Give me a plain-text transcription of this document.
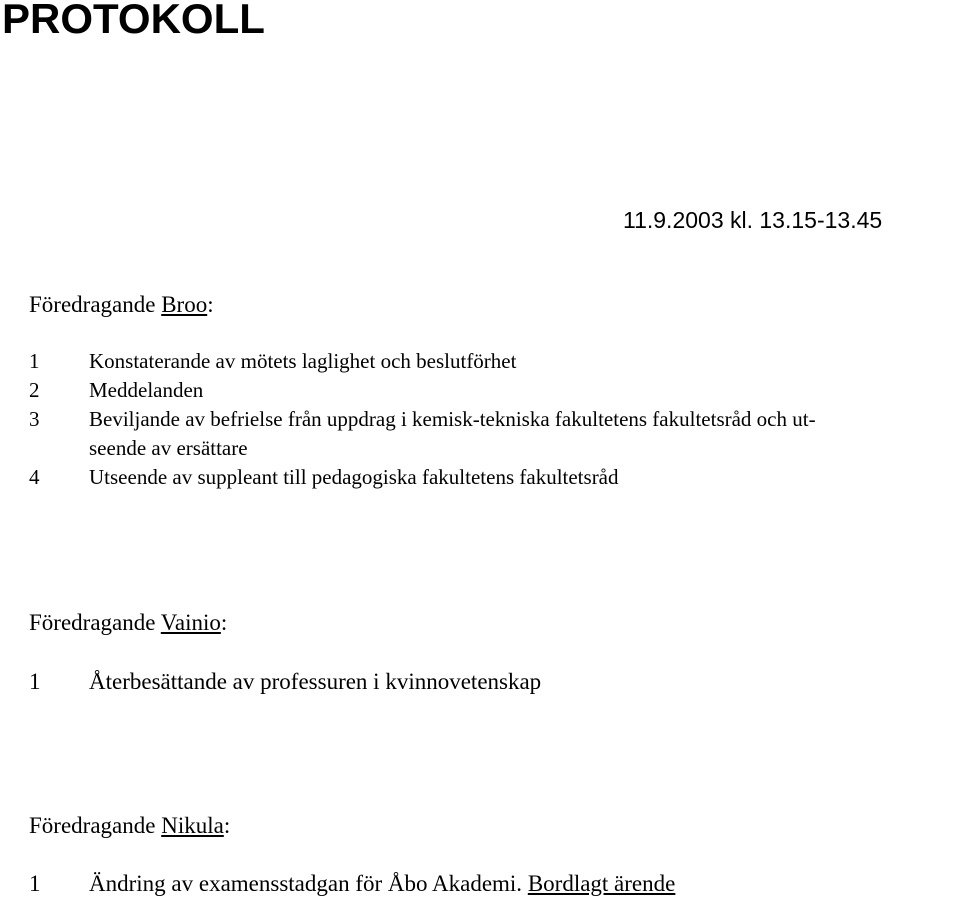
PROTOKOLL
11.9.2003 kl. 13.15-13.45
Föredragande Broo:
1 Konstaterande av mötets laglighet och beslutförhet
2 Meddelanden
3 Beviljande av befrielse från uppdrag i kemisk-tekniska fakultetens fakultetsråd och ut-
seende av ersättare
4 Utseende av suppleant till pedagogiska fakultetens fakultetsråd
Föredragande Vainio:
1 Återbesättande av professuren i kvinnovetenskap
Föredragande Nikula:
1 Ändring av examensstadgan för Åbo Akademi. Bordlagt ärende
